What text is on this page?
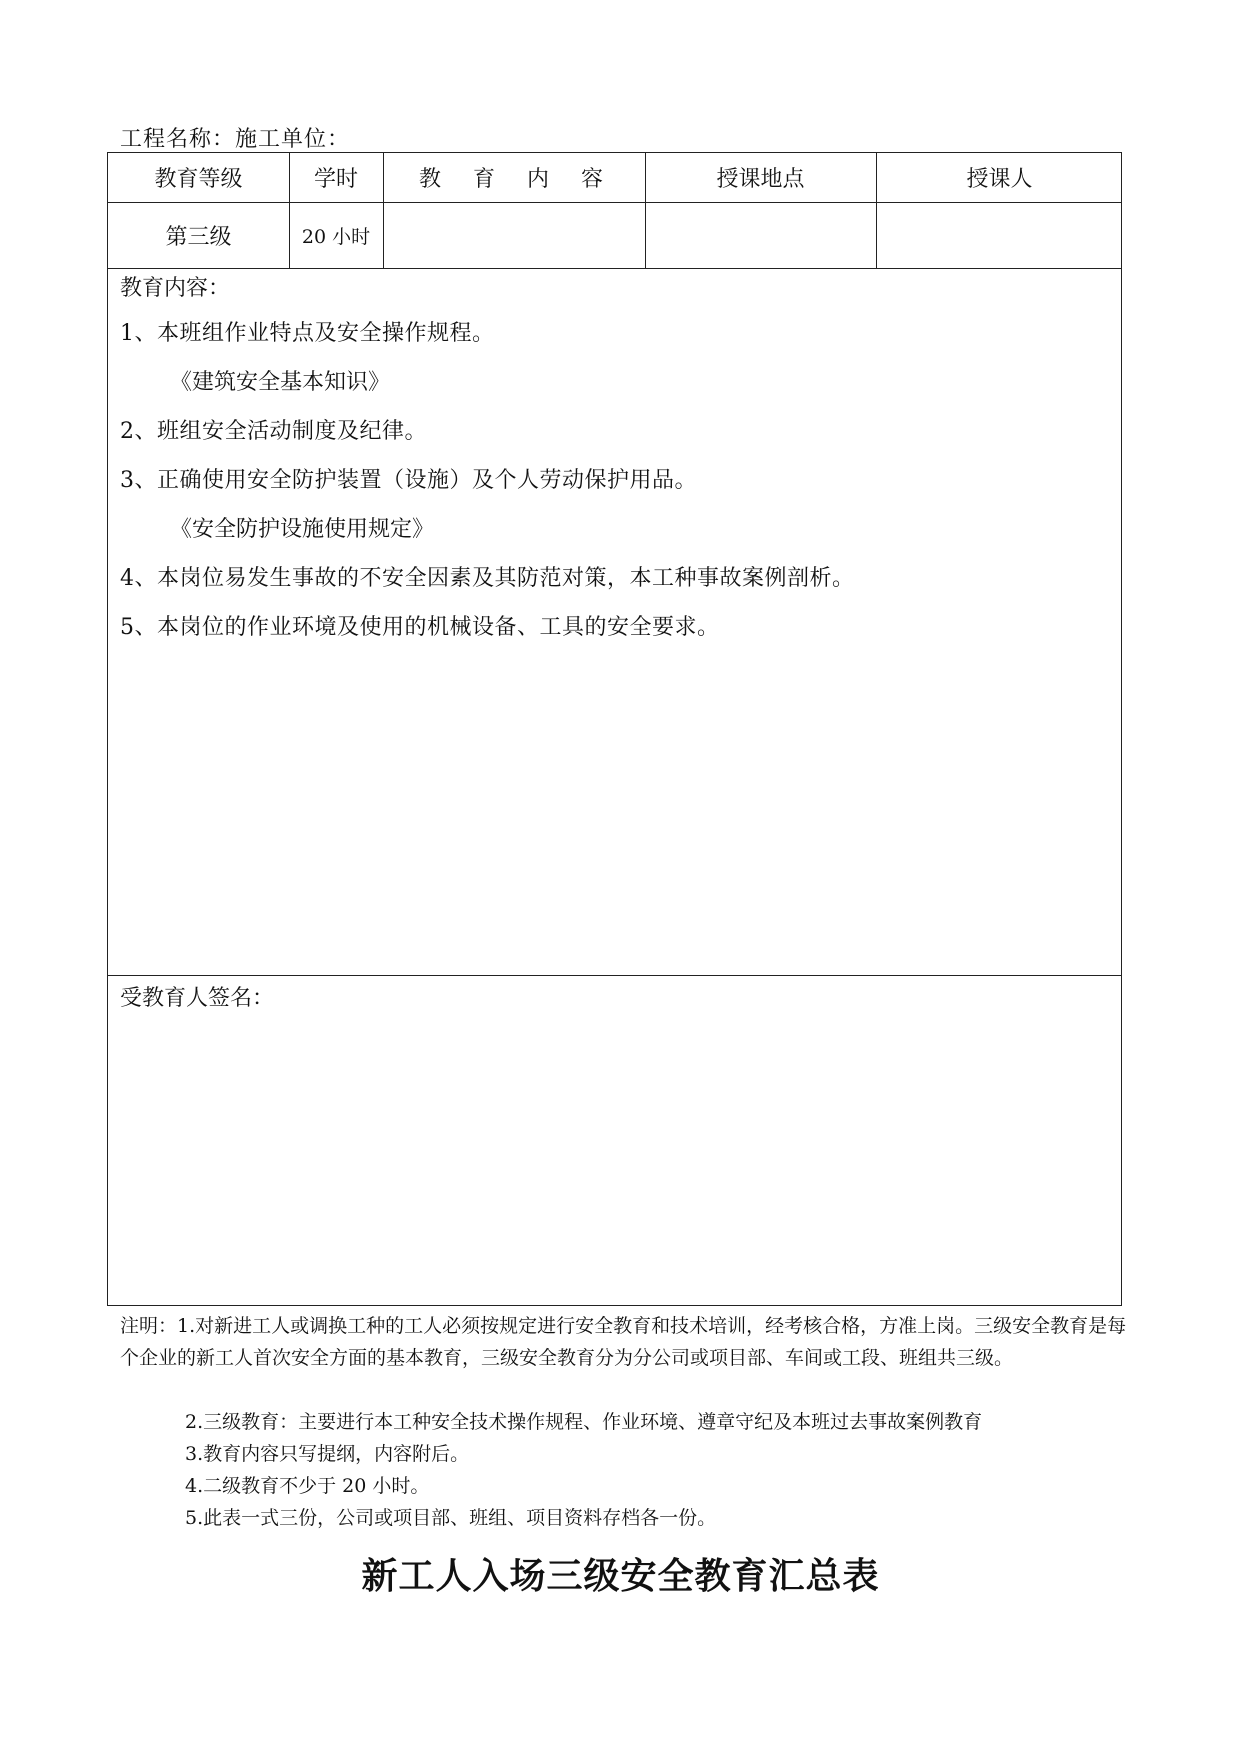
工程名称：施工单位：
教育等级	学时	教  育  内  容	授课地点	授课人
第三级	20 小时
教育内容：
1、本班组作业特点及安全操作规程。
《建筑安全基本知识》
2、班组安全活动制度及纪律。
3、正确使用安全防护装置（设施）及个人劳动保护用品。
《安全防护设施使用规定》
4、本岗位易发生事故的不安全因素及其防范对策，本工种事故案例剖析。
5、本岗位的作业环境及使用的机械设备、工具的安全要求。
受教育人签名：
注明：1.对新进工人或调换工种的工人必须按规定进行安全教育和技术培训，经考核合格，方准上岗。三级安全教育是每个企业的新工人首次安全方面的基本教育，三级安全教育分为分公司或项目部、车间或工段、班组共三级。
2.三级教育：主要进行本工种安全技术操作规程、作业环境、遵章守纪及本班过去事故案例教育
3.教育内容只写提纲，内容附后。
4.二级教育不少于 20 小时。
5.此表一式三份，公司或项目部、班组、项目资料存档各一份。
新工人入场三级安全教育汇总表
